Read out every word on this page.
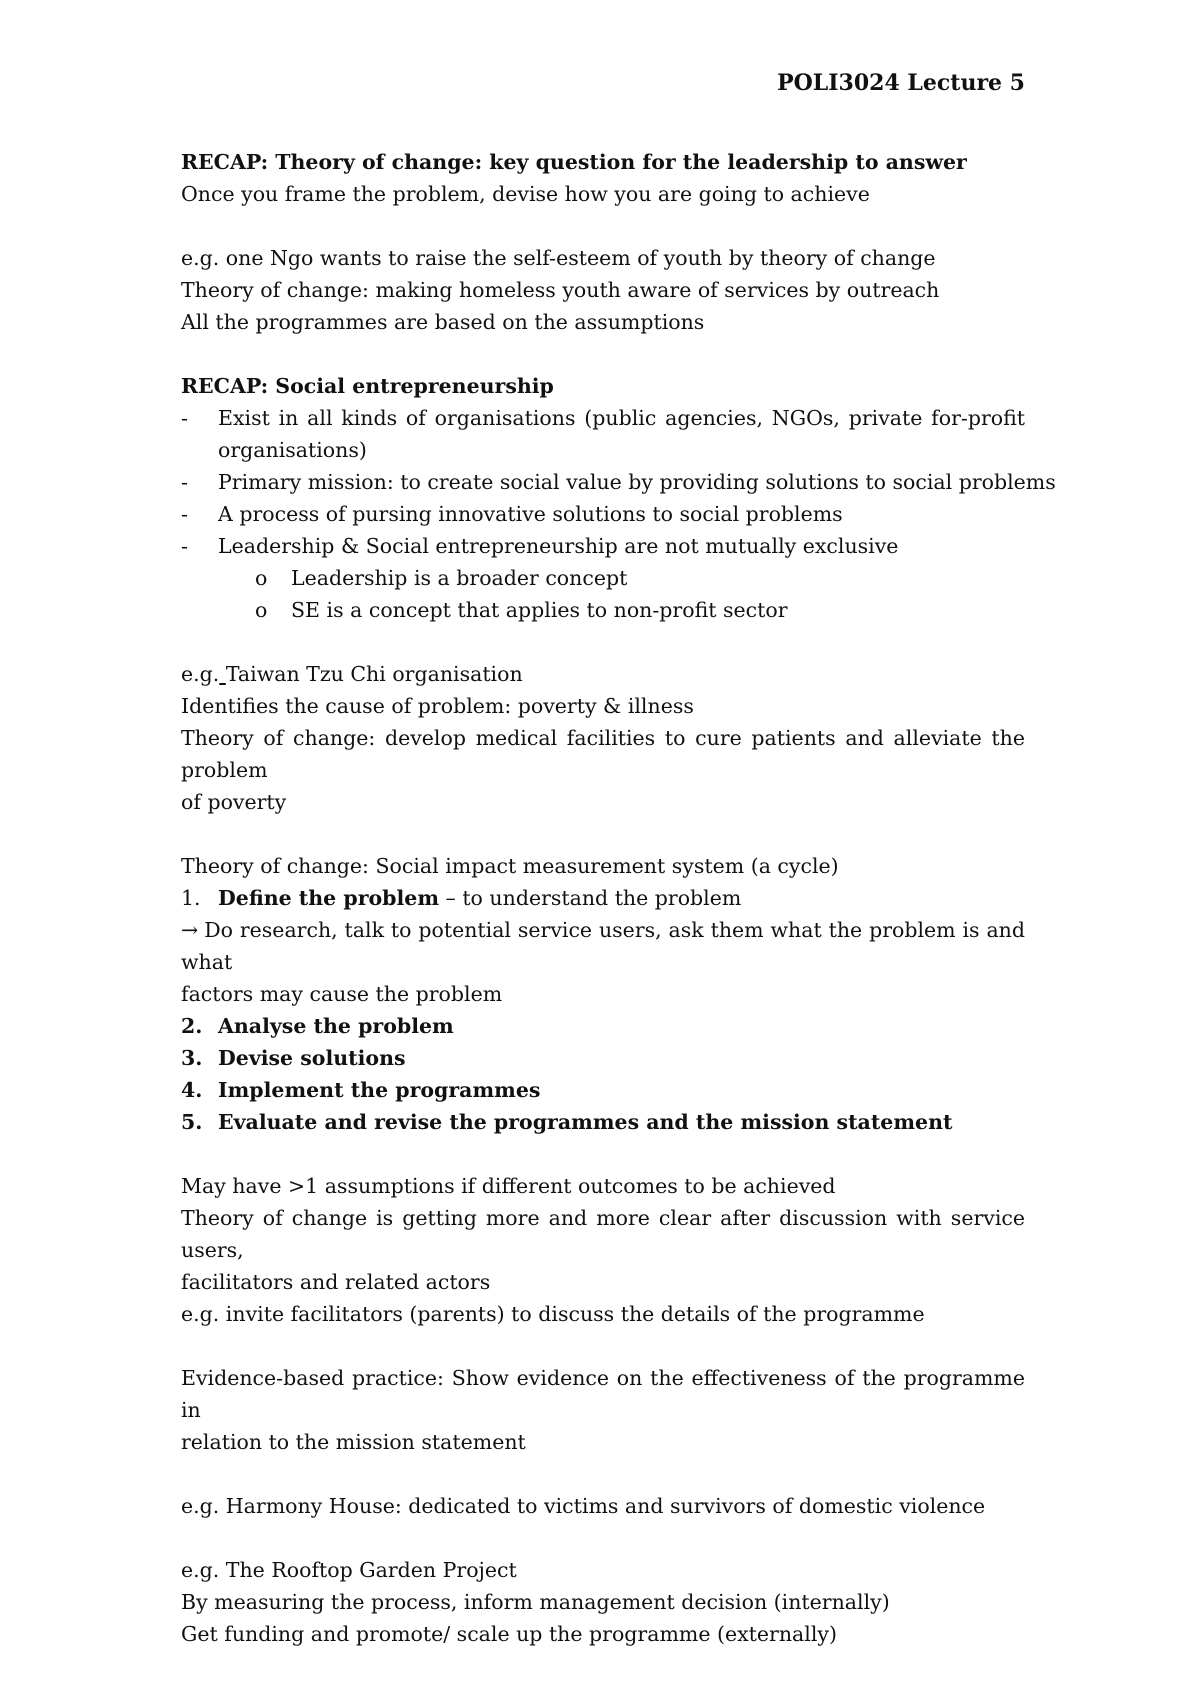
POLI3024 Lecture 5

RECAP: Theory of change: key question for the leadership to answer

Once you frame the problem, devise how you are going to achieve

e.g. one Ngo wants to raise the self-esteem of youth by theory of change

Theory of change: making homeless youth aware of services by outreach

All the programmes are based on the assumptions

RECAP: Social entrepreneurship

- Exist in all kinds of organisations (public agencies, NGOs, private for-profit

organisations)

- Primary mission: to create social value by providing solutions to social problems

- A process of pursing innovative solutions to social problems

- Leadership & Social entrepreneurship are not mutually exclusive

o Leadership is a broader concept

o SE is a concept that applies to non-profit sector

e.g. Taiwan Tzu Chi organisation

Identifies the cause of problem: poverty & illness

Theory of change: develop medical facilities to cure patients and alleviate the problem

of poverty

Theory of change: Social impact measurement system (a cycle)

1. Define the problem – to understand the problem

→ Do research, talk to potential service users, ask them what the problem is and what

factors may cause the problem

2. Analyse the problem

3. Devise solutions

4. Implement the programmes

5. Evaluate and revise the programmes and the mission statement

May have >1 assumptions if different outcomes to be achieved

Theory of change is getting more and more clear after discussion with service users,

facilitators and related actors

e.g. invite facilitators (parents) to discuss the details of the programme

Evidence-based practice: Show evidence on the effectiveness of the programme in

relation to the mission statement

e.g. Harmony House: dedicated to victims and survivors of domestic violence

e.g. The Rooftop Garden Project

By measuring the process, inform management decision (internally)

Get funding and promote/ scale up the programme (externally)
